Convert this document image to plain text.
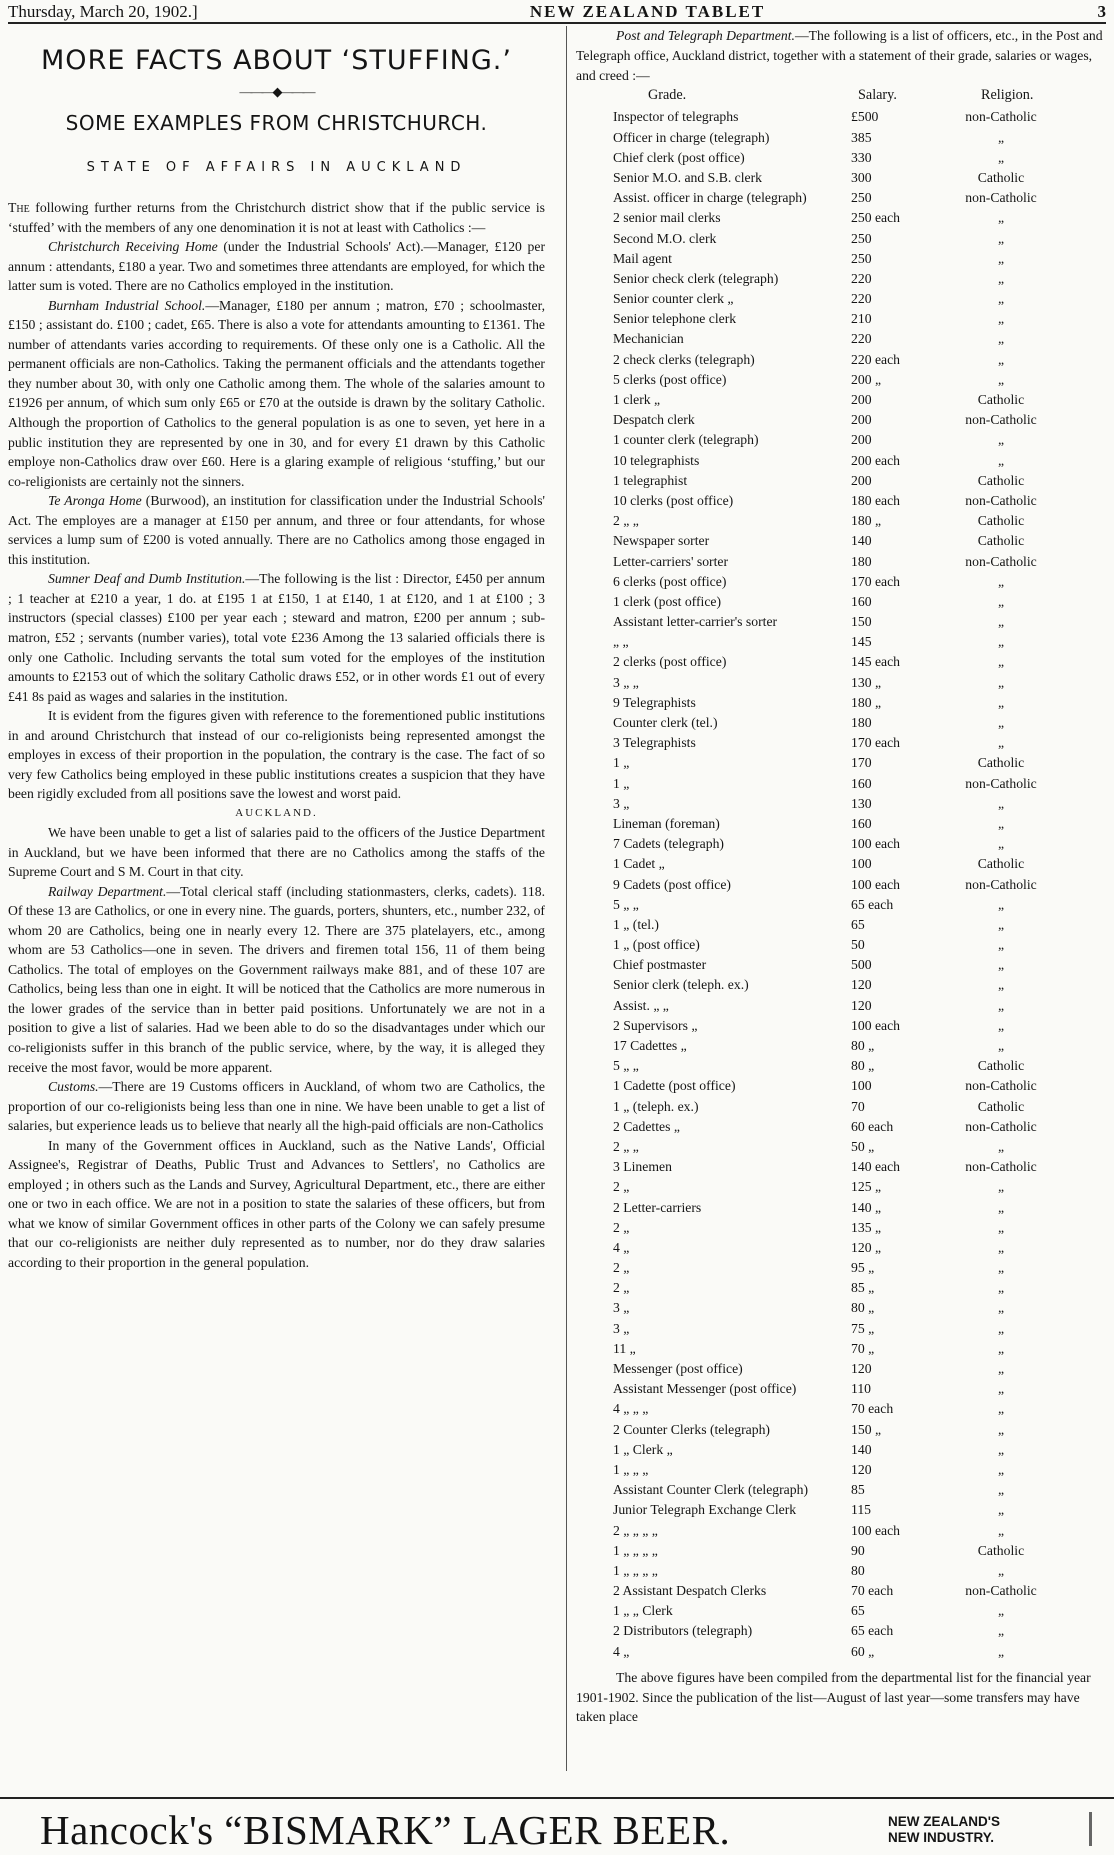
Thursday, March 20, 1902.]	NEW ZEALAND TABLET	3
MORE FACTS ABOUT ‘STUFFING.’
———◆———
SOME EXAMPLES FROM CHRISTCHURCH.
STATE OF AFFAIRS IN AUCKLAND

The following further returns from the Christchurch district show that if the public service is ‘stuffed’ with the members of any one denomination it is not at least with Catholics :—

Christchurch Receiving Home (under the Industrial Schools' Act).—Manager, £120 per annum : attendants, £180 a year. Two and sometimes three attendants are employed, for which the latter sum is voted. There are no Catholics employed in the institution.

Burnham Industrial School.—Manager, £180 per annum ; matron, £70 ; schoolmaster, £150 ; assistant do. £100 ; cadet, £65. There is also a vote for attendants amounting to £1361. The number of attendants varies according to requirements. Of these only one is a Catholic. All the permanent officials are non-Catholics. Taking the permanent officials and the attendants together they number about 30, with only one Catholic among them. The whole of the salaries amount to £1926 per annum, of which sum only £65 or £70 at the outside is drawn by the solitary Catholic. Although the proportion of Catholics to the general population is as one to seven, yet here in a public institution they are represented by one in 30, and for every £1 drawn by this Catholic employe non-Catholics draw over £60. Here is a glaring example of religious ‘stuffing,’ but our co-religionists are certainly not the sinners.

Te Aronga Home (Burwood), an institution for classification under the Industrial Schools' Act. The employes are a manager at £150 per annum, and three or four attendants, for whose services a lump sum of £200 is voted annually. There are no Catholics among those engaged in this institution.

Sumner Deaf and Dumb Institution.—The following is the list : Director, £450 per annum ; 1 teacher at £210 a year, 1 do. at £195 1 at £150, 1 at £140, 1 at £120, and 1 at £100 ; 3 instructors (special classes) £100 per year each ; steward and matron, £200 per annum ; sub-matron, £52 ; servants (number varies), total vote £236 Among the 13 salaried officials there is only one Catholic. Including servants the total sum voted for the employes of the institution amounts to £2153 out of which the solitary Catholic draws £52, or in other words £1 out of every £41 8s paid as wages and salaries in the institution.

It is evident from the figures given with reference to the forementioned public institutions in and around Christchurch that instead of our co-religionists being represented amongst the employes in excess of their proportion in the population, the contrary is the case. The fact of so very few Catholics being employed in these public institutions creates a suspicion that they have been rigidly excluded from all positions save the lowest and worst paid.

AUCKLAND.

We have been unable to get a list of salaries paid to the officers of the Justice Department in Auckland, but we have been informed that there are no Catholics among the staffs of the Supreme Court and S M. Court in that city.

Railway Department.—Total clerical staff (including stationmasters, clerks, cadets). 118. Of these 13 are Catholics, or one in every nine. The guards, porters, shunters, etc., number 232, of whom 20 are Catholics, being one in nearly every 12. There are 375 platelayers, etc., among whom are 53 Catholics—one in seven. The drivers and firemen total 156, 11 of them being Catholics. The total of employes on the Government railways make 881, and of these 107 are Catholics, being less than one in eight. It will be noticed that the Catholics are more numerous in the lower grades of the service than in better paid positions. Unfortunately we are not in a position to give a list of salaries. Had we been able to do so the disadvantages under which our co-religionists suffer in this branch of the public service, where, by the way, it is alleged they receive the most favor, would be more apparent.

Customs.—There are 19 Customs officers in Auckland, of whom two are Catholics, the proportion of our co-religionists being less than one in nine. We have been unable to get a list of salaries, but experience leads us to believe that nearly all the high-paid officials are non-Catholics

In many of the Government offices in Auckland, such as the Native Lands', Official Assignee's, Registrar of Deaths, Public Trust and Advances to Settlers', no Catholics are employed ; in others such as the Lands and Survey, Agricultural Department, etc., there are either one or two in each office. We are not in a position to state the salaries of these officers, but from what we know of similar Government offices in other parts of the Colony we can safely presume that our co-religionists are neither duly represented as to number, nor do they draw salaries according to their proportion in the general population.

Post and Telegraph Department.—The following is a list of officers, etc., in the Post and Telegraph office, Auckland district, together with a statement of their grade, salaries or wages, and creed :—

Grade.	Salary.	Religion.
Inspector of telegraphs	£500	non-Catholic
Officer in charge (telegraph)	385	„
Chief clerk (post office)	330	„
Senior M.O. and S.B. clerk	300	Catholic
Assist. officer in charge (telegraph)	250	non-Catholic
2 senior mail clerks	250 each	„
Second M.O. clerk	250	„
Mail agent	250	„
Senior check clerk (telegraph)	220	„
Senior counter clerk „	220	„
Senior telephone clerk	210	„
Mechanician	220	„
2 check clerks (telegraph)	220 each	„
5 clerks (post office)	200 „	„
1 clerk „	200	Catholic
Despatch clerk	200	non-Catholic
1 counter clerk (telegraph)	200	„
10 telegraphists	200 each	„
1 telegraphist	200	Catholic
10 clerks (post office)	180 each	non-Catholic
2 „ „	180 „	Catholic
Newspaper sorter	140	Catholic
Letter-carriers' sorter	180	non-Catholic
6 clerks (post office)	170 each	„
1 clerk (post office)	160	„
Assistant letter-carrier's sorter	150	„
„ „	145	„
2 clerks (post office)	145 each	„
3 „ „	130 „	„
9 Telegraphists	180 „	„
Counter clerk (tel.)	180	„
3 Telegraphists	170 each	„
1 „	170	Catholic
1 „	160	non-Catholic
3 „	130	„
Lineman (foreman)	160	„
7 Cadets (telegraph)	100 each	„
1 Cadet „	100	Catholic
9 Cadets (post office)	100 each	non-Catholic
5 „ „	65 each	„
1 „ (tel.)	65	„
1 „ (post office)	50	„
Chief postmaster	500	„
Senior clerk (teleph. ex.)	120	„
Assist. „ „	120	„
2 Supervisors „	100 each	„
17 Cadettes „	80 „	„
5 „ „	80 „	Catholic
1 Cadette (post office)	100	non-Catholic
1 „ (teleph. ex.)	70	Catholic
2 Cadettes „	60 each	non-Catholic
2 „ „	50 „	„
3 Linemen	140 each	non-Catholic
2 „	125 „	„
2 Letter-carriers	140 „	„
2 „	135 „	„
4 „	120 „	„
2 „	95 „	„
2 „	85 „	„
3 „	80 „	„
3 „	75 „	„
11 „	70 „	„
Messenger (post office)	120	„
Assistant Messenger (post office)	110	„
4 „ „ „	70 each	„
2 Counter Clerks (telegraph)	150 „	„
1 „ Clerk „	140	„
1 „ „ „	120	„
Assistant Counter Clerk (telegraph)	85	„
Junior Telegraph Exchange Clerk	115	„
2 „ „ „ „	100 each	„
1 „ „ „ „	90	Catholic
1 „ „ „ „	80	„
2 Assistant Despatch Clerks	70 each	non-Catholic
1 „ „ Clerk	65	„
2 Distributors (telegraph)	65 each	„
4 „	60 „	„

The above figures have been compiled from the departmental list for the financial year 1901-1902. Since the publication of the list—August of last year—some transfers may have taken place

Hancock's “BISMARK” LAGER BEER.	NEW ZEALAND'S
NEW INDUSTRY.
